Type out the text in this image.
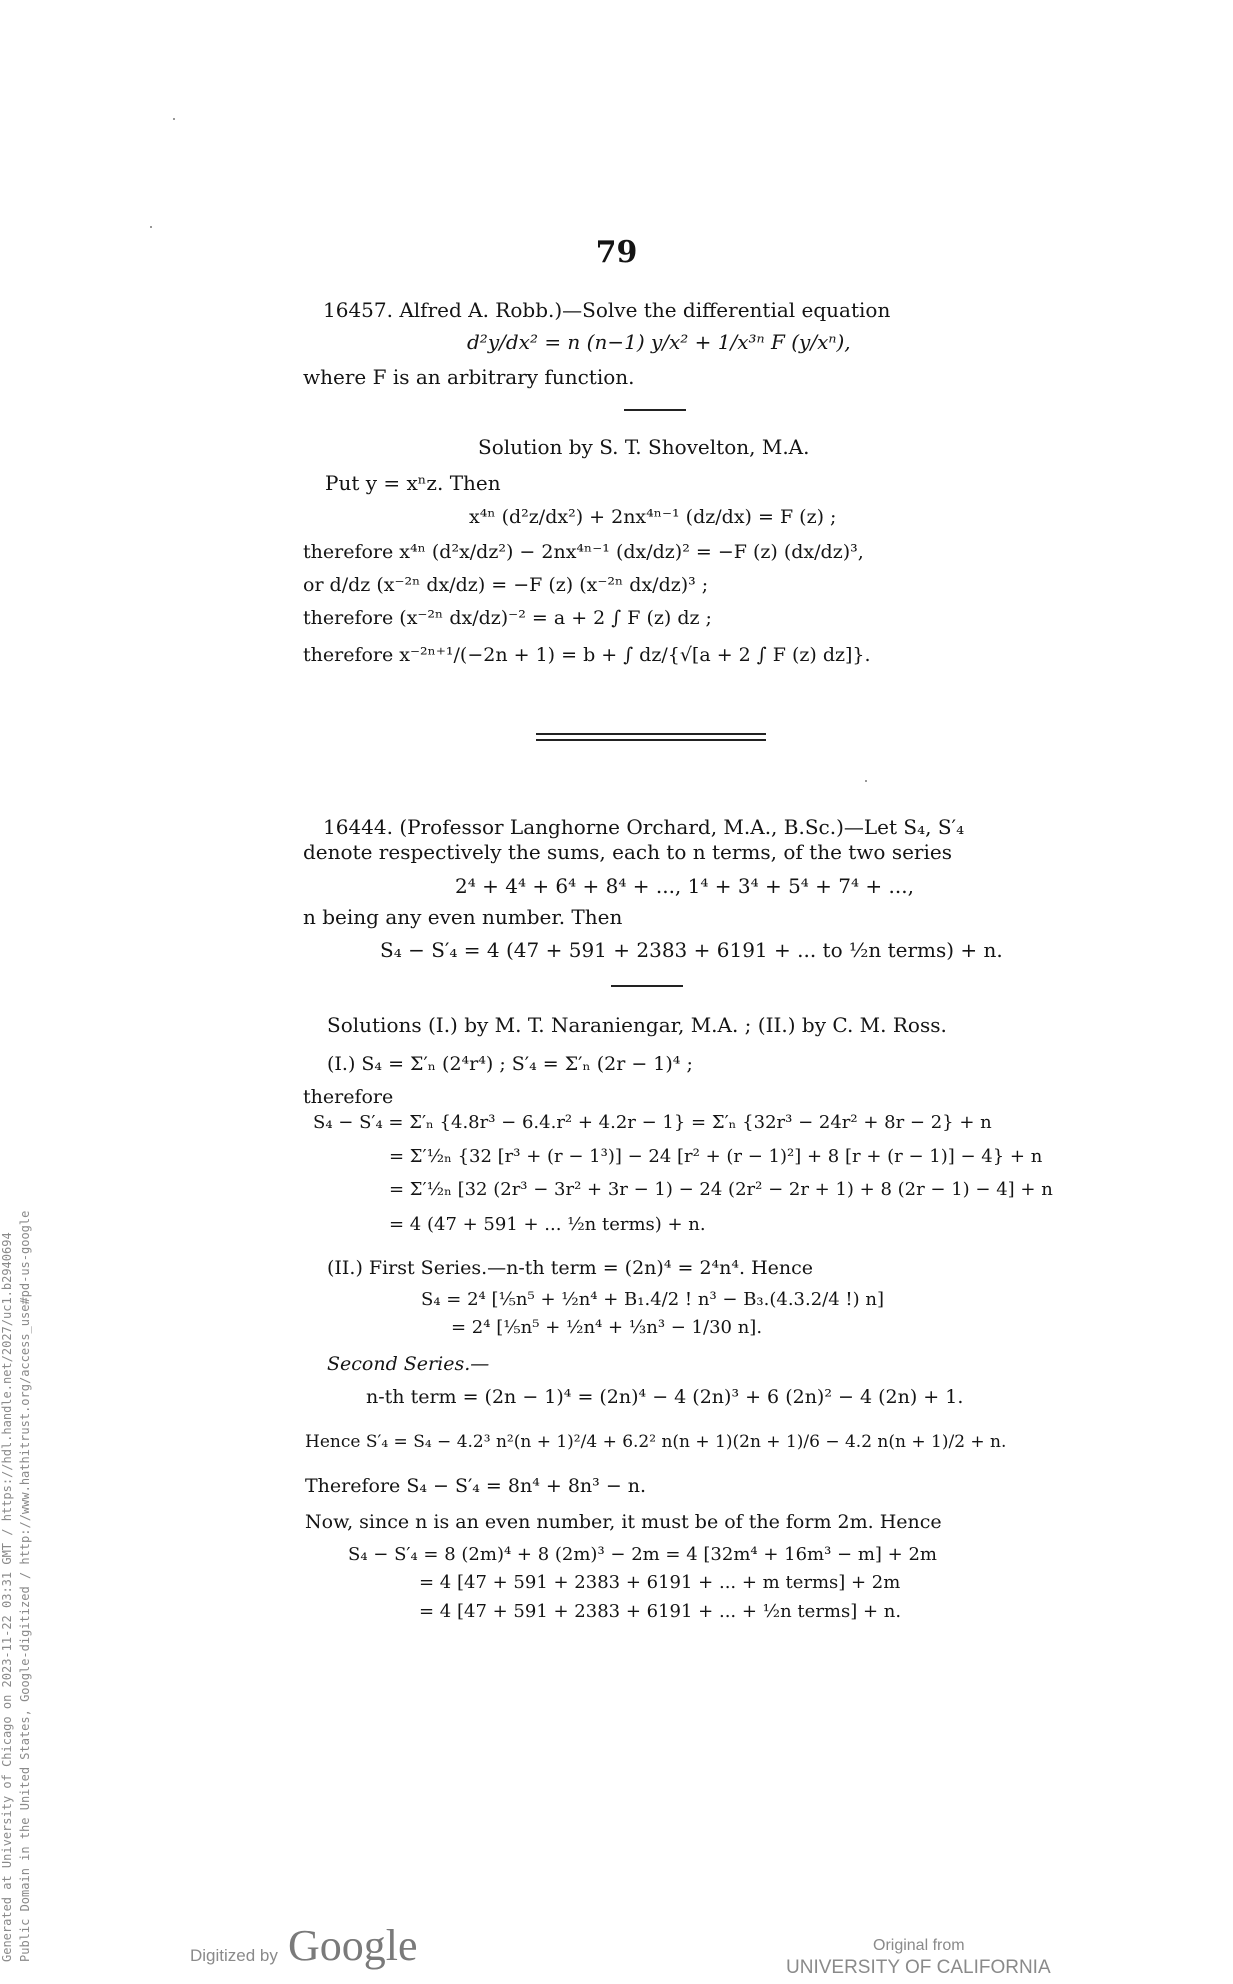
79
16457. Alfred A. Robb.)—Solve the differential equation
d²y/dx² = n (n−1) y/x² + 1/x³ⁿ F (y/xⁿ),
where F is an arbitrary function.
Solution by S. T. Shovelton, M.A.
Put y = xⁿz. Then
x⁴ⁿ (d²z/dx²) + 2nx⁴ⁿ⁻¹ (dz/dx) = F (z) ;
therefore x⁴ⁿ (d²x/dz²) − 2nx⁴ⁿ⁻¹ (dx/dz)² = −F (z) (dx/dz)³,
or d/dz (x⁻²ⁿ dx/dz) = −F (z) (x⁻²ⁿ dx/dz)³ ;
therefore (x⁻²ⁿ dx/dz)⁻² = a + 2 ∫ F (z) dz ;
therefore x⁻²ⁿ⁺¹/(−2n + 1) = b + ∫ dz/{√[a + 2 ∫ F (z) dz]}.
16444. (Professor Langhorne Orchard, M.A., B.Sc.)—Let S₄, S′₄
denote respectively the sums, each to n terms, of the two series
2⁴ + 4⁴ + 6⁴ + 8⁴ + ..., 1⁴ + 3⁴ + 5⁴ + 7⁴ + ...,
n being any even number. Then
S₄ − S′₄ = 4 (47 + 591 + 2383 + 6191 + ... to ½n terms) + n.
Solutions (I.) by M. T. Naraniengar, M.A. ; (II.) by C. M. Ross.
(I.) S₄ = Σ′ₙ (2⁴r⁴) ; S′₄ = Σ′ₙ (2r − 1)⁴ ;
therefore
S₄ − S′₄ = Σ′ₙ {4.8r³ − 6.4.r² + 4.2r − 1} = Σ′ₙ {32r³ − 24r² + 8r − 2} + n
= Σ′½ₙ {32 [r³ + (r − 1³)] − 24 [r² + (r − 1)²] + 8 [r + (r − 1)] − 4} + n
= Σ′½ₙ [32 (2r³ − 3r² + 3r − 1) − 24 (2r² − 2r + 1) + 8 (2r − 1) − 4] + n
= 4 (47 + 591 + ... ½n terms) + n.
(II.) First Series.—n-th term = (2n)⁴ = 2⁴n⁴. Hence
S₄ = 2⁴ [⅕n⁵ + ½n⁴ + B₁.4/2 ! n³ − B₃.(4.3.2/4 !) n]
= 2⁴ [⅕n⁵ + ½n⁴ + ⅓n³ − 1/30 n].
Second Series.—
n-th term = (2n − 1)⁴ = (2n)⁴ − 4 (2n)³ + 6 (2n)² − 4 (2n) + 1.
Hence S′₄ = S₄ − 4.2³ n²(n + 1)²/4 + 6.2² n(n + 1)(2n + 1)/6 − 4.2 n(n + 1)/2 + n.
Therefore S₄ − S′₄ = 8n⁴ + 8n³ − n.
Now, since n is an even number, it must be of the form 2m. Hence
S₄ − S′₄ = 8 (2m)⁴ + 8 (2m)³ − 2m = 4 [32m⁴ + 16m³ − m] + 2m
= 4 [47 + 591 + 2383 + 6191 + ... + m terms] + 2m
= 4 [47 + 591 + 2383 + 6191 + ... + ½n terms] + n.
Generated at University of Chicago on 2023-11-22 03:31 GMT / https://hdl.handle.net/2027/uc1.b2940694 Public Domain in the United States, Google-digitized / http://www.hathitrust.org/access_use#pd-us-google	Digitized by Google	Original from
UNIVERSITY OF CALIFORNIA
